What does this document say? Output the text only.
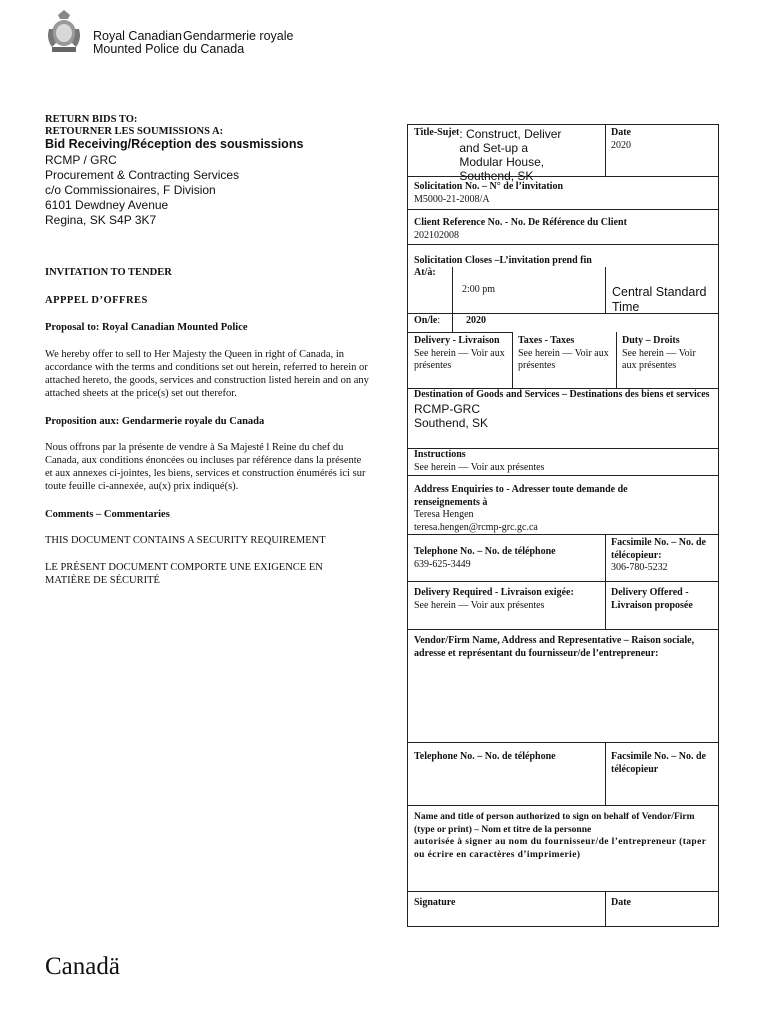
Royal Canadian
Mounted Police
Gendarmerie royale
du Canada
RETURN BIDS TO:
RETOURNER LES SOUMISSIONS A:
Bid Receiving/Réception des sousmissions
RCMP / GRC
Procurement & Contracting Services
c/o Commissionaires, F Division
6101 Dewdney Avenue
Regina, SK S4P 3K7
INVITATION TO TENDER
APPPEL D’OFFRES
Proposal to: Royal Canadian Mounted Police
We hereby offer to sell to Her Majesty the Queen in right of Canada, in accordance with the terms and conditions set out herein, referred to herein or attached hereto, the goods, services and construction listed herein and on any attached sheets at the price(s) set out therefor.
Proposition aux: Gendarmerie royale du Canada
Nous offrons par la présente de vendre à Sa Majesté l Reine du chef du Canada, aux conditions énoncées ou incluses par référence dans la présente et aux annexes ci-jointes, les biens, services et construction énumérés ici sur toute feuille ci-annexée, au(x) prix indiqué(s).
Comments – Commentaries
THIS DOCUMENT CONTAINS A SECURITY REQUIREMENT
LE PRÉSENT DOCUMENT COMPORTE UNE EXIGENCE EN MATIÈRE DE SÉCURITÉ
Title-Sujet: Construct, Deliver and Set-up a Modular House, Southend, SK
Date
2020
Solicitation No. – N° de l’invitation
M5000-21-2008/A
Client Reference No. - No. De Référence du Client
202102008
Solicitation Closes –L’invitation prend fin
At/à:
2:00 pm	Central Standard Time
On/le:	2020
Delivery - Livraison
See herein — Voir aux présentes
Taxes - Taxes
See herein — Voir aux présentes
Duty – Droits
See herein — Voir aux présentes
Destination of Goods and Services – Destinations des biens et services
RCMP-GRC
Southend, SK
Instructions
See herein — Voir aux présentes
Address Enquiries to - Adresser toute demande de renseignements à
Teresa Hengen
teresa.hengen@rcmp-grc.gc.ca
Telephone No. – No. de téléphone
639-625-3449
Facsimile No. – No. de télécopieur:
306-780-5232
Delivery Required - Livraison exigée:
See herein — Voir aux présentes
Delivery Offered - Livraison proposée
Vendor/Firm Name, Address and Representative – Raison sociale, adresse et représentant du fournisseur/de l’entrepreneur:
Telephone No. – No. de téléphone	Facsimile No. – No. de télécopieur
Name and title of person authorized to sign on behalf of Vendor/Firm (type or print) – Nom et titre de la personne
autorisée à signer au nom du fournisseur/de l’entrepreneur (taper ou écrire en caractères d’imprimerie)
Signature	Date
Canadä
